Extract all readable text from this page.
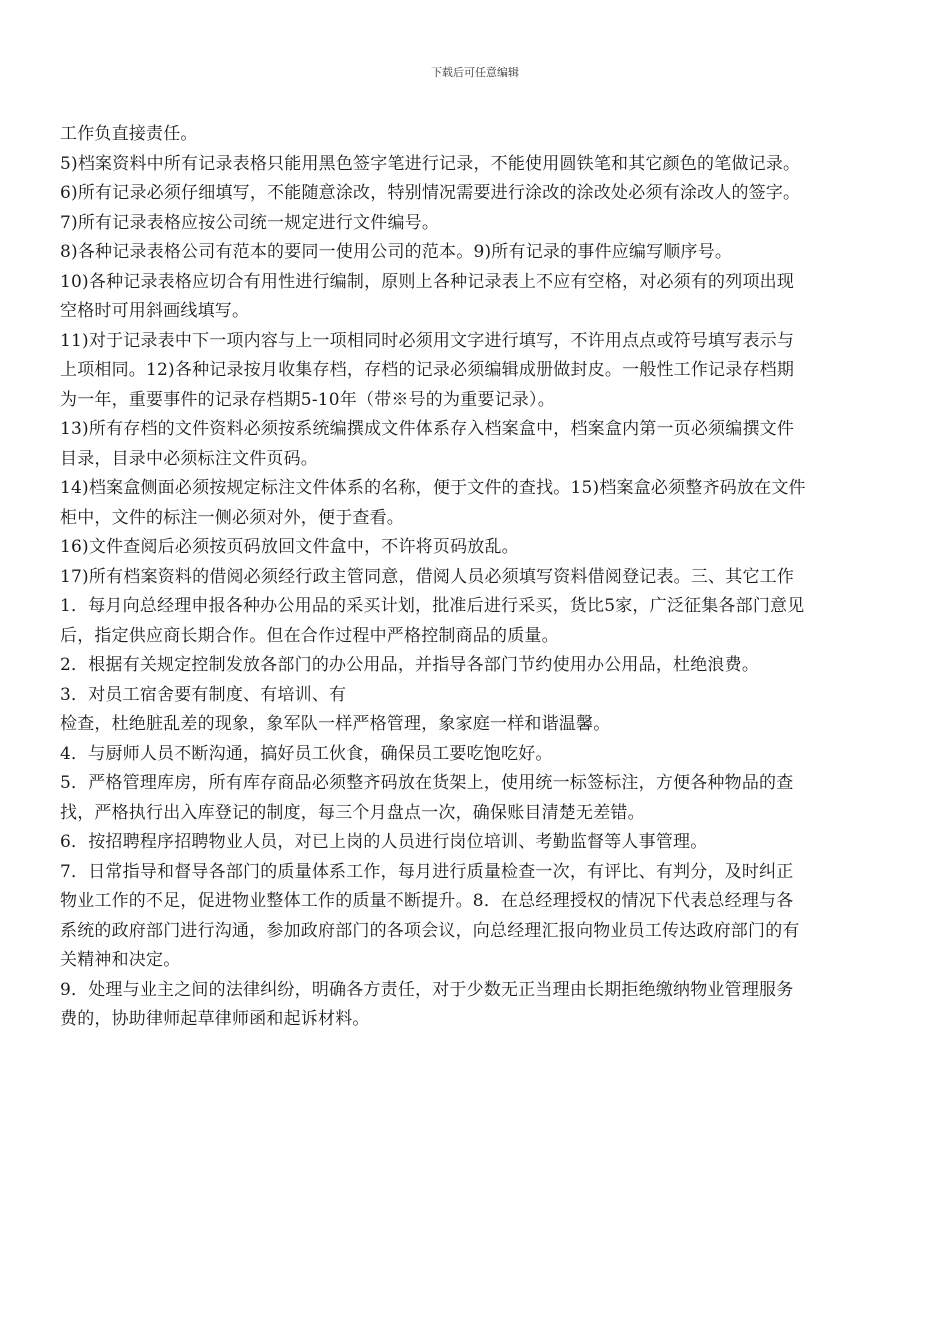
下载后可任意编辑
工作负直接责任。
5)档案资料中所有记录表格只能用黑色签字笔进行记录，不能使用圆铁笔和其它颜色的笔做记录。
6)所有记录必须仔细填写，不能随意涂改，特别情况需要进行涂改的涂改处必须有涂改人的签字。
7)所有记录表格应按公司统一规定进行文件编号。
8)各种记录表格公司有范本的要同一使用公司的范本。9)所有记录的事件应编写顺序号。
10)各种记录表格应切合有用性进行编制，原则上各种记录表上不应有空格，对必须有的列项出现
空格时可用斜画线填写。
11)对于记录表中下一项内容与上一项相同时必须用文字进行填写，不许用点点或符号填写表示与
上项相同。12)各种记录按月收集存档，存档的记录必须编辑成册做封皮。一般性工作记录存档期
为一年，重要事件的记录存档期5-10年（带※号的为重要记录）。
13)所有存档的文件资料必须按系统编撰成文件体系存入档案盒中，档案盒内第一页必须编撰文件
目录，目录中必须标注文件页码。
14)档案盒侧面必须按规定标注文件体系的名称，便于文件的查找。15)档案盒必须整齐码放在文件
柜中，文件的标注一侧必须对外，便于查看。
16)文件查阅后必须按页码放回文件盒中，不许将页码放乱。
17)所有档案资料的借阅必须经行政主管同意，借阅人员必须填写资料借阅登记表。三、其它工作
1．每月向总经理申报各种办公用品的采买计划，批准后进行采买，货比5家，广泛征集各部门意见
后，指定供应商长期合作。但在合作过程中严格控制商品的质量。
2．根据有关规定控制发放各部门的办公用品，并指导各部门节约使用办公用品，杜绝浪费。
3．对员工宿舍要有制度、有培训、有
检查，杜绝脏乱差的现象，象军队一样严格管理，象家庭一样和谐温馨。
4．与厨师人员不断沟通，搞好员工伙食，确保员工要吃饱吃好。
5．严格管理库房，所有库存商品必须整齐码放在货架上，使用统一标签标注，方便各种物品的查
找，严格执行出入库登记的制度，每三个月盘点一次，确保账目清楚无差错。
6．按招聘程序招聘物业人员，对已上岗的人员进行岗位培训、考勤监督等人事管理。
7．日常指导和督导各部门的质量体系工作，每月进行质量检查一次，有评比、有判分，及时纠正
物业工作的不足，促进物业整体工作的质量不断提升。8．在总经理授权的情况下代表总经理与各
系统的政府部门进行沟通，参加政府部门的各项会议，向总经理汇报向物业员工传达政府部门的有
关精神和决定。
9．处理与业主之间的法律纠纷，明确各方责任，对于少数无正当理由长期拒绝缴纳物业管理服务
费的，协助律师起草律师函和起诉材料。
